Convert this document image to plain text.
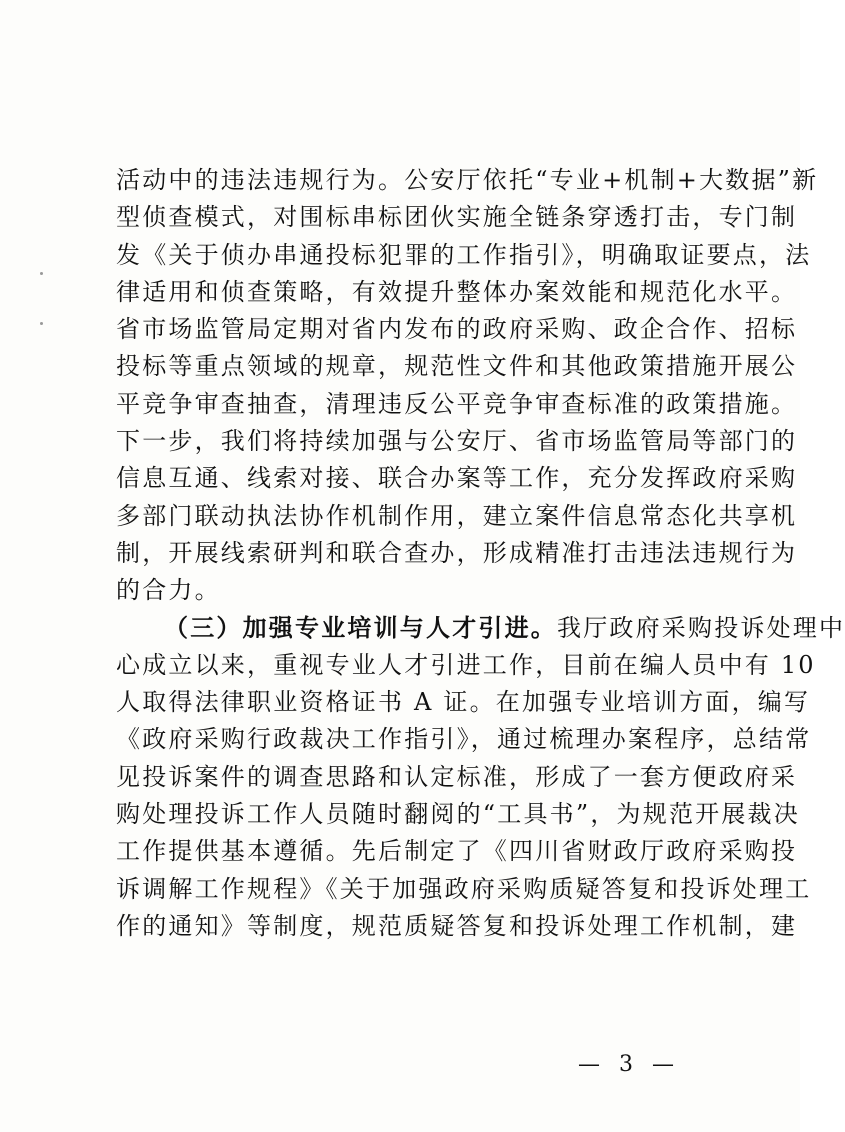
活动中的违法违规行为。公安厅依托“专业+机制+大数据”新
型侦查模式，对围标串标团伙实施全链条穿透打击，专门制
发《关于侦办串通投标犯罪的工作指引》，明确取证要点，法
律适用和侦查策略，有效提升整体办案效能和规范化水平。
省市场监管局定期对省内发布的政府采购、政企合作、招标
投标等重点领域的规章，规范性文件和其他政策措施开展公
平竞争审查抽查，清理违反公平竞争审查标准的政策措施。
下一步，我们将持续加强与公安厅、省市场监管局等部门的
信息互通、线索对接、联合办案等工作，充分发挥政府采购
多部门联动执法协作机制作用，建立案件信息常态化共享机
制，开展线索研判和联合查办，形成精准打击违法违规行为
的合力。
（三）加强专业培训与人才引进。我厅政府采购投诉处理中
心成立以来，重视专业人才引进工作，目前在编人员中有 10
人取得法律职业资格证书 A 证。在加强专业培训方面，编写
《政府采购行政裁决工作指引》，通过梳理办案程序，总结常
见投诉案件的调查思路和认定标准，形成了一套方便政府采
购处理投诉工作人员随时翻阅的“工具书”，为规范开展裁决
工作提供基本遵循。先后制定了《四川省财政厅政府采购投
诉调解工作规程》《关于加强政府采购质疑答复和投诉处理工
作的通知》等制度，规范质疑答复和投诉处理工作机制，建
— 3 —
